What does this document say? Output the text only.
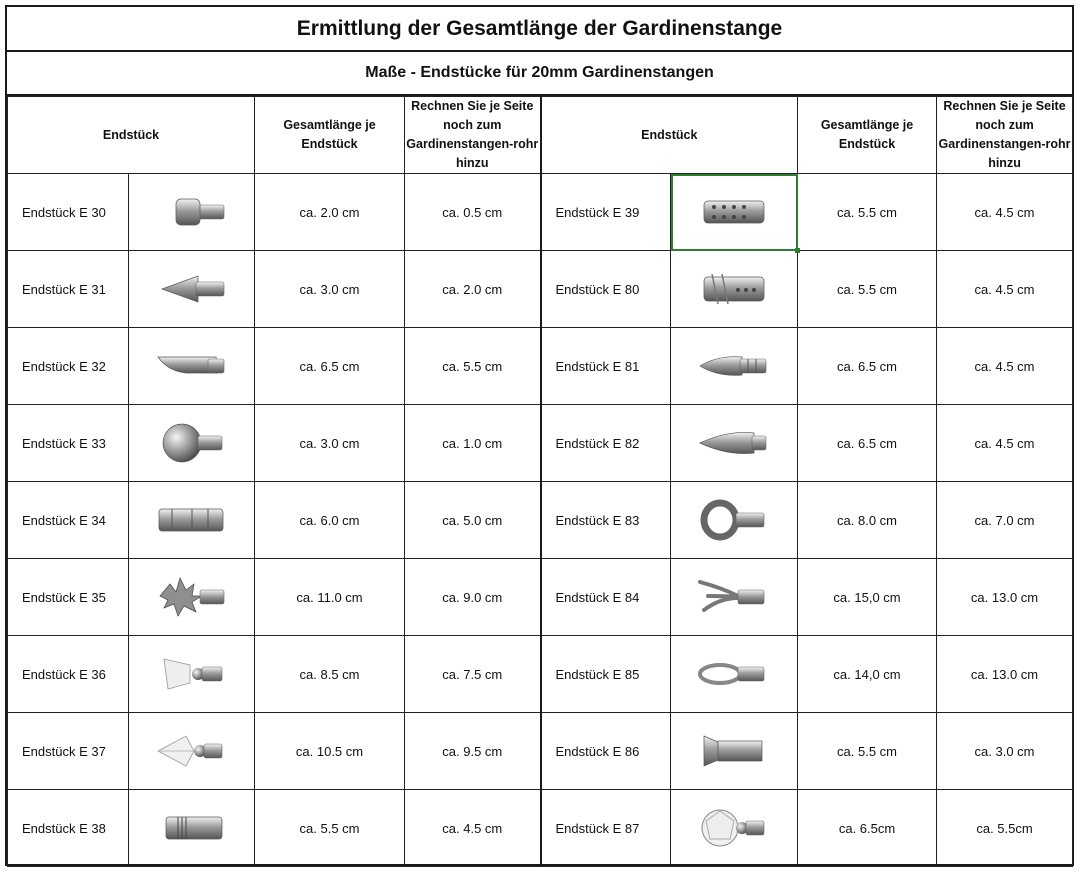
Ermittlung der Gesamtlänge der Gardinenstange
Maße - Endstücke für 20mm Gardinenstangen
Endstück		Gesamtlänge je Endstück	Rechnen Sie je Seite noch zum Gardinenstangen-rohr hinzu	Endstück		Gesamtlänge je Endstück	Rechnen Sie je Seite noch zum Gardinenstangen-rohr hinzu
Endstück E 30		ca. 2.0 cm	ca. 0.5 cm	Endstück E 39		ca. 5.5 cm	ca. 4.5 cm
Endstück E 31		ca. 3.0 cm	ca. 2.0 cm	Endstück E 80		ca. 5.5 cm	ca. 4.5 cm
Endstück E 32		ca. 6.5 cm	ca. 5.5 cm	Endstück E 81		ca. 6.5 cm	ca. 4.5 cm
Endstück E 33		ca. 3.0 cm	ca. 1.0 cm	Endstück E 82		ca. 6.5 cm	ca. 4.5 cm
Endstück E 34		ca. 6.0 cm	ca. 5.0 cm	Endstück E 83		ca. 8.0 cm	ca. 7.0 cm
Endstück E 35		ca. 11.0 cm	ca. 9.0 cm	Endstück E 84		ca. 15,0 cm	ca. 13.0 cm
Endstück E 36		ca. 8.5 cm	ca. 7.5 cm	Endstück E 85		ca. 14,0 cm	ca. 13.0 cm
Endstück E 37		ca. 10.5 cm	ca. 9.5 cm	Endstück E 86		ca. 5.5 cm	ca. 3.0 cm
Endstück E 38		ca. 5.5 cm	ca. 4.5 cm	Endstück E 87		ca. 6.5cm	ca. 5.5cm
